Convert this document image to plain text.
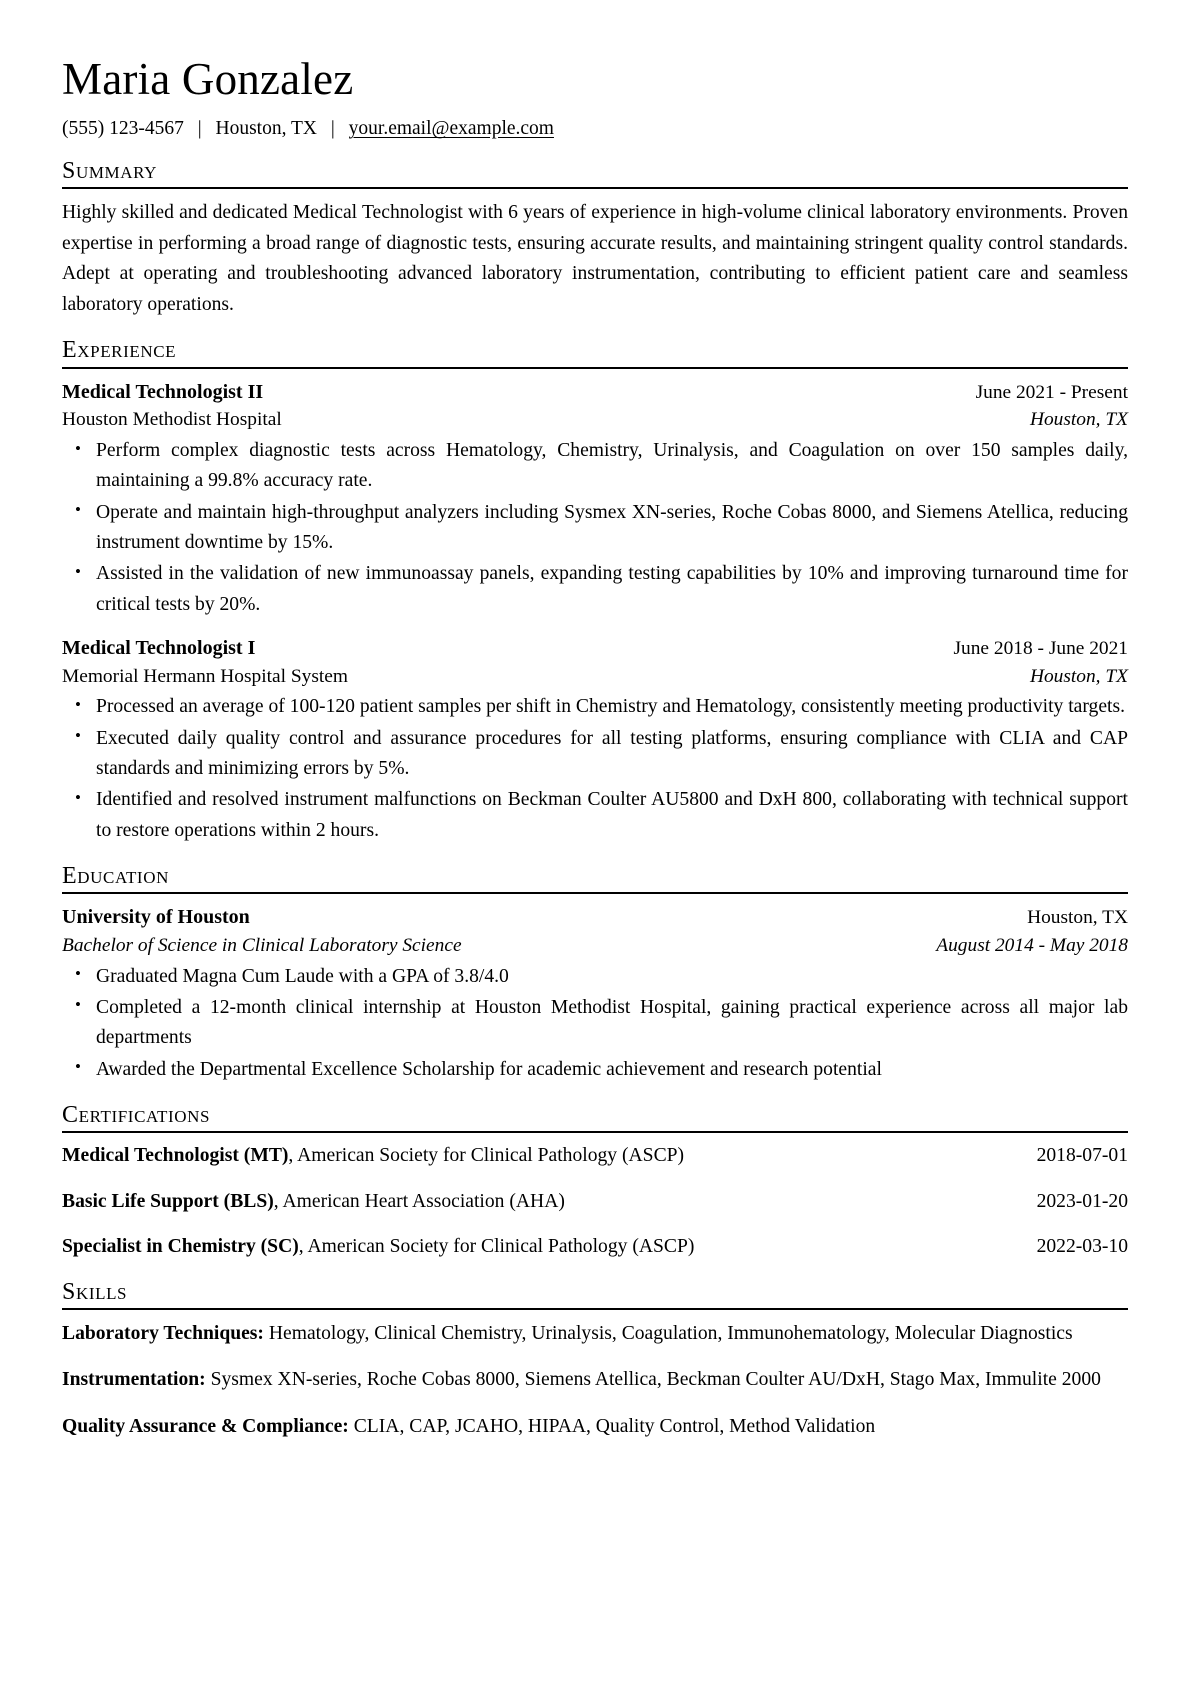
Maria Gonzalez
(555) 123-4567 | Houston, TX | your.email@example.com
Summary

Highly skilled and dedicated Medical Technologist with 6 years of experience in high-volume clinical laboratory environments. Proven expertise in performing a broad range of diagnostic tests, ensuring accurate results, and maintaining stringent quality control standards. Adept at operating and troubleshooting advanced laboratory instrumentation, contributing to efficient patient care and seamless laboratory operations.

Experience
Medical Technologist II	June 2021 - Present
Houston Methodist Hospital	Houston, TX
• Perform complex diagnostic tests across Hematology, Chemistry, Urinalysis, and Coagulation on over 150 samples daily, maintaining a 99.8% accuracy rate.
• Operate and maintain high-throughput analyzers including Sysmex XN-series, Roche Cobas 8000, and Siemens Atellica, reducing instrument downtime by 15%.
• Assisted in the validation of new immunoassay panels, expanding testing capabilities by 10% and improving turnaround time for critical tests by 20%.
Medical Technologist I	June 2018 - June 2021
Memorial Hermann Hospital System	Houston, TX
• Processed an average of 100-120 patient samples per shift in Chemistry and Hematology, consistently meeting productivity targets.
• Executed daily quality control and assurance procedures for all testing platforms, ensuring compliance with CLIA and CAP standards and minimizing errors by 5%.
• Identified and resolved instrument malfunctions on Beckman Coulter AU5800 and DxH 800, collaborating with technical support to restore operations within 2 hours.
Education
University of Houston	Houston, TX
Bachelor of Science in Clinical Laboratory Science	August 2014 - May 2018
• Graduated Magna Cum Laude with a GPA of 3.8/4.0
• Completed a 12-month clinical internship at Houston Methodist Hospital, gaining practical experience across all major lab departments
• Awarded the Departmental Excellence Scholarship for academic achievement and research potential
Certifications
Medical Technologist (MT), American Society for Clinical Pathology (ASCP)	2018-07-01
Basic Life Support (BLS), American Heart Association (AHA)	2023-01-20
Specialist in Chemistry (SC), American Society for Clinical Pathology (ASCP)	2022-03-10
Skills
Laboratory Techniques: Hematology, Clinical Chemistry, Urinalysis, Coagulation, Immunohematology, Molecular Diagnostics
Instrumentation: Sysmex XN-series, Roche Cobas 8000, Siemens Atellica, Beckman Coulter AU/DxH, Stago Max, Immulite 2000
Quality Assurance & Compliance: CLIA, CAP, JCAHO, HIPAA, Quality Control, Method Validation
